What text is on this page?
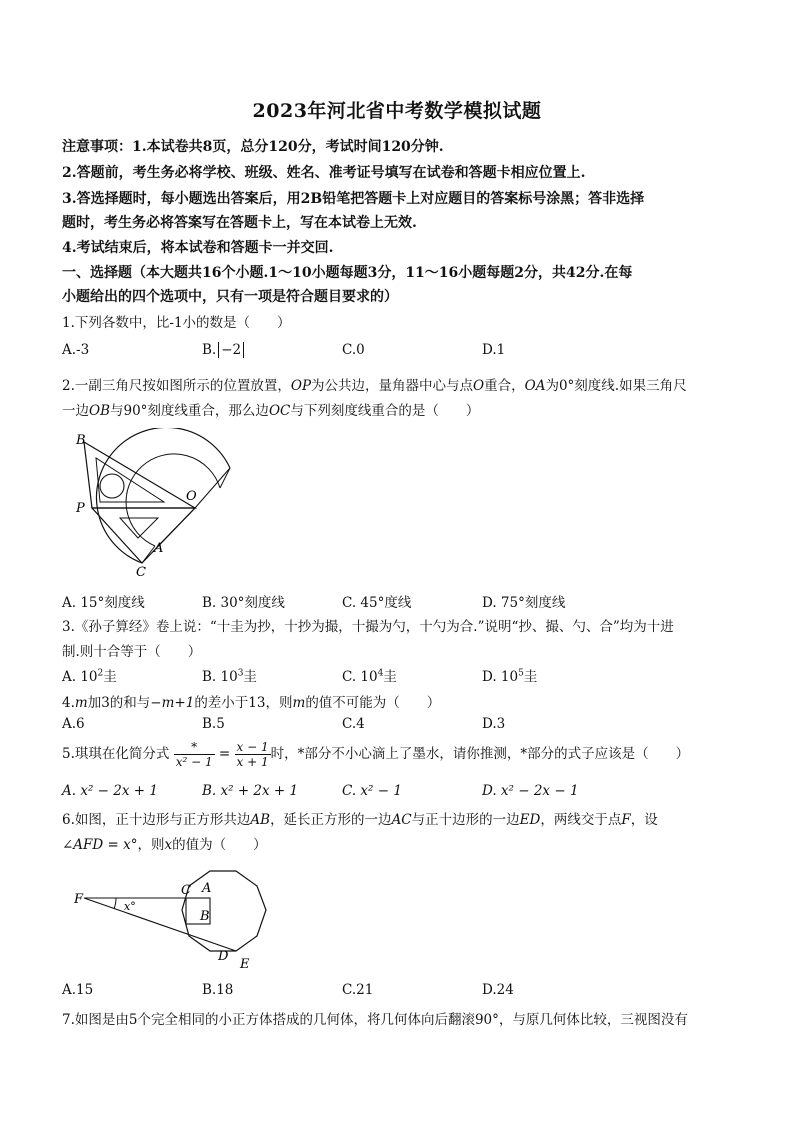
2023年河北省中考数学模拟试题
注意事项：1.本试卷共8页，总分120分，考试时间120分钟.
2.答题前，考生务必将学校、班级、姓名、准考证号填写在试卷和答题卡相应位置上.
3.答选择题时，每小题选出答案后，用2B铅笔把答题卡上对应题目的答案标号涂黑；答非选择
题时，考生务必将答案写在答题卡上，写在本试卷上无效.
4.考试结束后，将本试卷和答题卡一并交回.
一、选择题（本大题共16个小题.1～10小题每题3分，11～16小题每题2分，共42分.在每
小题给出的四个选项中，只有一项是符合题目要求的）
1.下列各数中，比-1小的数是（　　）
A.-3	B. −2	C.0	D.1
2.一副三角尺按如图所示的位置放置，OP为公共边，量角器中心与点O重合，OA为0°刻度线.如果三角尺
一边OB与90°刻度线重合，那么边OC与下列刻度线重合的是（　　）
B
P
O
A
C
A. 15°刻度线	B. 30°刻度线	C. 45°度线	D. 75°刻度线
3.《孙子算经》卷上说：“十圭为抄，十抄为撮，十撮为勺，十勺为合.”说明“抄、撮、勺、合”均为十进
制.则十合等于（　　）
A. $10^2$圭	B. $10^3$圭	C. $10^4$圭	D. $10^5$圭
4.m加3的和与−m+1的差小于13，则m的值不可能为（　　）
A.6	B.5	C.4	D.3
5.琪琪在化简分式 $\frac{*}{\text{x² − 1}} = \frac{x - 1}{x + 1}$ 时，*部分不小心滴上了墨水，请你推测，*部分的式子应该是（　　）
A. x² − 2x + 1	B. x² + 2x + 1	C. x² − 1	D. x² − 2x − 1
6.如图，正十边形与正方形共边AB，延长正方形的一边AC与正十边形的一边ED，两线交于点F，设
∠AFD = x°，则x的值为（　　）
F	x°
C A
B
D
E
A.15	B.18	C.21	D.24
7.如图是由5个完全相同的小正方体搭成的几何体，将几何体向后翻滚90°，与原几何体比较，三视图没有
